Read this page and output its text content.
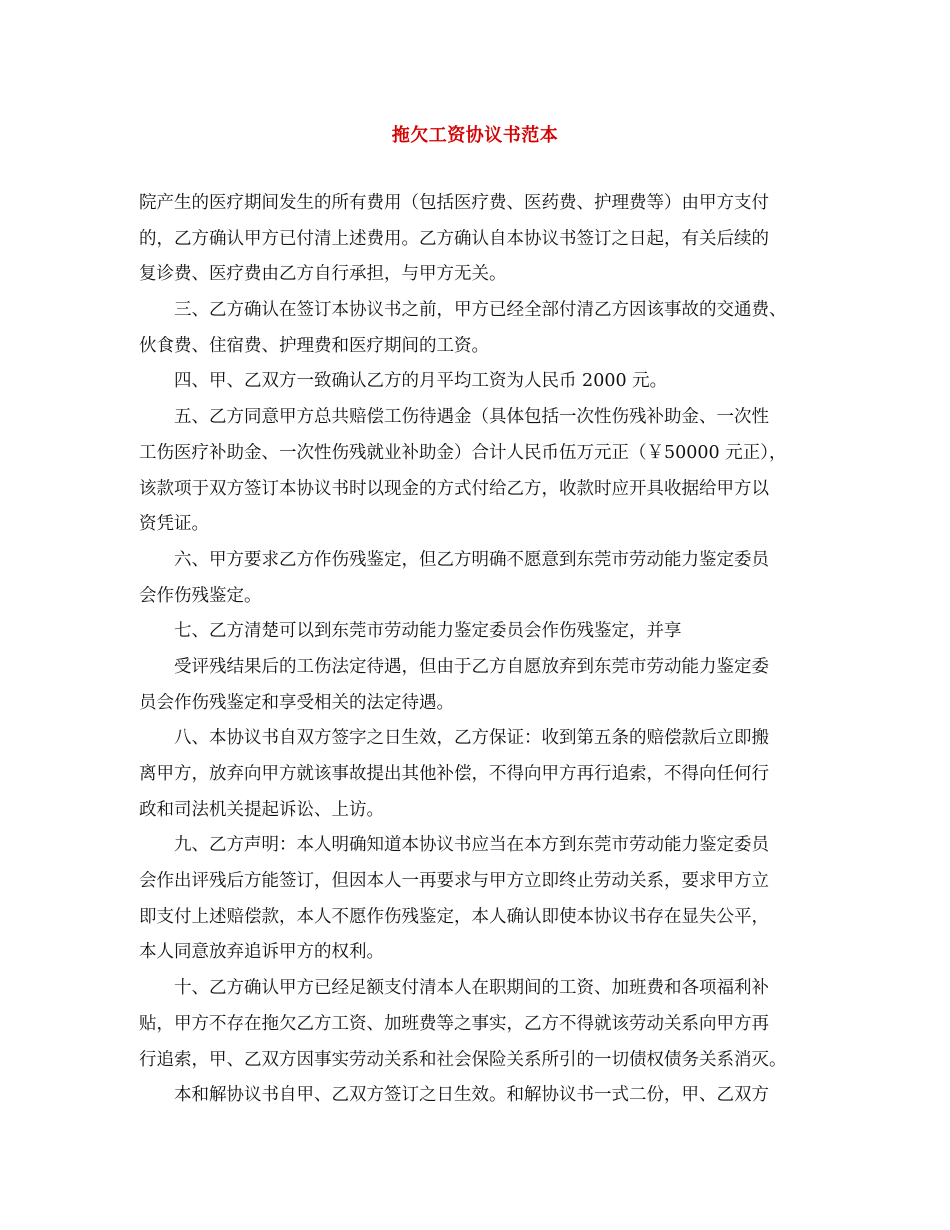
拖欠工资协议书范本
院产生的医疗期间发生的所有费用（包括医疗费、医药费、护理费等）由甲方支付
的，乙方确认甲方已付清上述费用。乙方确认自本协议书签订之日起，有关后续的
复诊费、医疗费由乙方自行承担，与甲方无关。
三、乙方确认在签订本协议书之前，甲方已经全部付清乙方因该事故的交通费、
伙食费、住宿费、护理费和医疗期间的工资。
四、甲、乙双方一致确认乙方的月平均工资为人民币 2000 元。
五、乙方同意甲方总共赔偿工伤待遇金（具体包括一次性伤残补助金、一次性
工伤医疗补助金、一次性伤残就业补助金）合计人民币伍万元正（￥50000 元正），
该款项于双方签订本协议书时以现金的方式付给乙方，收款时应开具收据给甲方以
资凭证。
六、甲方要求乙方作伤残鉴定，但乙方明确不愿意到东莞市劳动能力鉴定委员
会作伤残鉴定。
七、乙方清楚可以到东莞市劳动能力鉴定委员会作伤残鉴定，并享
受评残结果后的工伤法定待遇，但由于乙方自愿放弃到东莞市劳动能力鉴定委
员会作伤残鉴定和享受相关的法定待遇。
八、本协议书自双方签字之日生效，乙方保证：收到第五条的赔偿款后立即搬
离甲方，放弃向甲方就该事故提出其他补偿，不得向甲方再行追索，不得向任何行
政和司法机关提起诉讼、上访。
九、乙方声明：本人明确知道本协议书应当在本方到东莞市劳动能力鉴定委员
会作出评残后方能签订，但因本人一再要求与甲方立即终止劳动关系，要求甲方立
即支付上述赔偿款，本人不愿作伤残鉴定，本人确认即使本协议书存在显失公平，
本人同意放弃追诉甲方的权利。
十、乙方确认甲方已经足额支付清本人在职期间的工资、加班费和各项福利补
贴，甲方不存在拖欠乙方工资、加班费等之事实，乙方不得就该劳动关系向甲方再
行追索，甲、乙双方因事实劳动关系和社会保险关系所引的一切债权债务关系消灭。
本和解协议书自甲、乙双方签订之日生效。和解协议书一式二份，甲、乙双方
